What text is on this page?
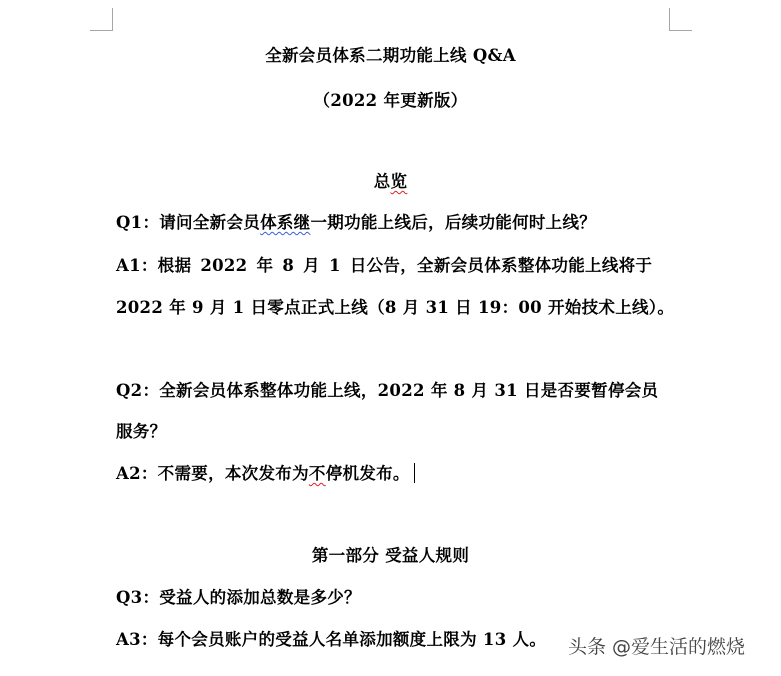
全新会员体系二期功能上线 Q&A
（2022 年更新版）
总览
Q1：请问全新会员体系继一期功能上线后，后续功能何时上线？
A1：根据 2022 年 8 月 1 日公告，全新会员体系整体功能上线将于
2022 年 9 月 1 日零点正式上线（8 月 31 日 19：00 开始技术上线）。
Q2：全新会员体系整体功能上线，2022 年 8 月 31 日是否要暂停会员
服务？
A2：不需要，本次发布为不停机发布。
第一部分 受益人规则
Q3：受益人的添加总数是多少？
A3：每个会员账户的受益人名单添加额度上限为 13 人。 头条 @爱生活的燃烧
